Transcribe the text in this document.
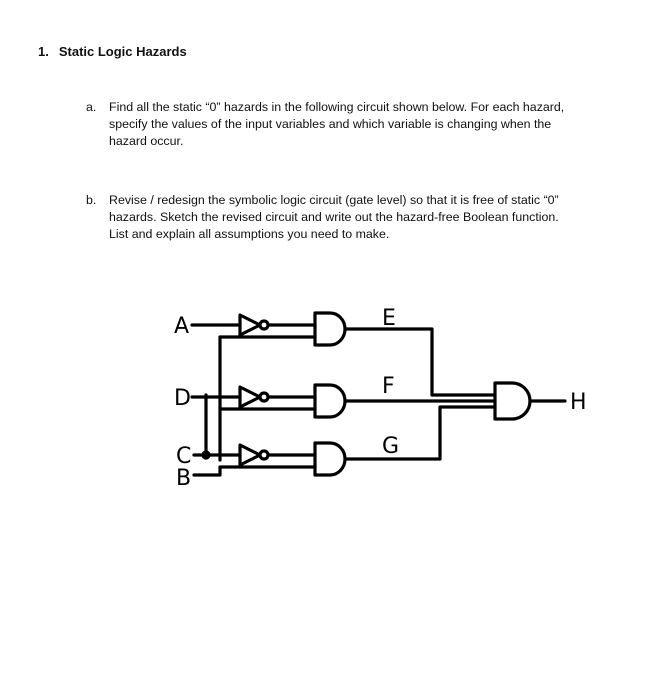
1. Static Logic Hazards
a. Find all the static “0” hazards in the following circuit shown below. For each hazard,
specify the values of the input variables and which variable is changing when the
hazard occur.
b. Revise / redesign the symbolic logic circuit (gate level) so that it is free of static “0”
hazards. Sketch the revised circuit and write out the hazard-free Boolean function.
List and explain all assumptions you need to make.
A
D
C
B
E
F
G
H
